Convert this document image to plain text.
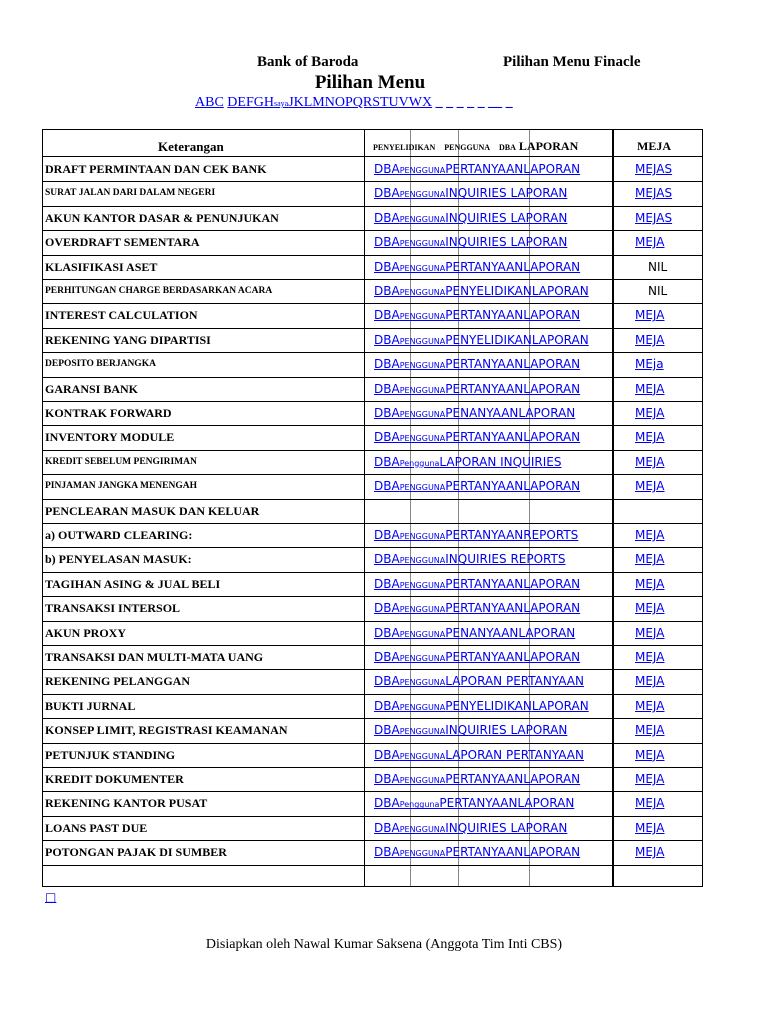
Bank of Baroda	Pilihan Menu Finacle
Pilihan Menu
ABC DEFGHsayaJKLMNOPQRSTUVWX _ _ _ _ _ __ _
Keterangan	PENYELIDIKAN PENGGUNA DBA LAPORAN	MEJA
DRAFT PERMINTAAN DAN CEK BANK	DBAPENGGUNAPERTANYAANLAPORAN	MEJAS
SURAT JALAN DARI DALAM NEGERI	DBAPENGGUNAINQUIRIES LAPORAN	MEJAS
AKUN KANTOR DASAR & PENUNJUKAN	DBAPENGGUNAINQUIRIES LAPORAN	MEJAS
OVERDRAFT SEMENTARA	DBAPENGGUNAINQUIRIES LAPORAN	MEJA
KLASIFIKASI ASET	DBAPENGGUNAPERTANYAANLAPORAN	NIL
PERHITUNGAN CHARGE BERDASARKAN ACARA	DBAPENGGUNAPENYELIDIKANLAPORAN	NIL
INTEREST CALCULATION	DBAPENGGUNAPERTANYAANLAPORAN	MEJA
REKENING YANG DIPARTISI	DBAPENGGUNAPENYELIDIKANLAPORAN	MEJA
DEPOSITO BERJANGKA	DBAPENGGUNAPERTANYAANLAPORAN	MEja
GARANSI BANK	DBAPENGGUNAPERTANYAANLAPORAN	MEJA
KONTRAK FORWARD	DBAPENGGUNAPENANYAANLAPORAN	MEJA
INVENTORY MODULE	DBAPENGGUNAPERTANYAANLAPORAN	MEJA
KREDIT SEBELUM PENGIRIMAN	DBAPenggunaLAPORAN INQUIRIES	MEJA
PINJAMAN JANGKA MENENGAH	DBAPENGGUNAPERTANYAANLAPORAN	MEJA
PENCLEARAN MASUK DAN KELUAR
a) OUTWARD CLEARING:	DBAPENGGUNAPERTANYAANREPORTS	MEJA
b) PENYELASAN MASUK:	DBAPENGGUNAINQUIRIES REPORTS	MEJA
TAGIHAN ASING & JUAL BELI	DBAPENGGUNAPERTANYAANLAPORAN	MEJA
TRANSAKSI INTERSOL	DBAPENGGUNAPERTANYAANLAPORAN	MEJA
AKUN PROXY	DBAPENGGUNAPENANYAANLAPORAN	MEJA
TRANSAKSI DAN MULTI-MATA UANG	DBAPENGGUNAPERTANYAANLAPORAN	MEJA
REKENING PELANGGAN	DBAPENGGUNALAPORAN PERTANYAAN	MEJA
BUKTI JURNAL	DBAPENGGUNAPENYELIDIKANLAPORAN	MEJA
KONSEP LIMIT, REGISTRASI KEAMANAN	DBAPENGGUNAINQUIRIES LAPORAN	MEJA
PETUNJUK STANDING	DBAPENGGUNALAPORAN PERTANYAAN	MEJA
KREDIT DOKUMENTER	DBAPENGGUNAPERTANYAANLAPORAN	MEJA
REKENING KANTOR PUSAT	DBAPenggunaPERTANYAANLAPORAN	MEJA
LOANS PAST DUE	DBAPENGGUNAINQUIRIES LAPORAN	MEJA
POTONGAN PAJAK DI SUMBER	DBAPENGGUNAPERTANYAANLAPORAN	MEJA
□
Disiapkan oleh Nawal Kumar Saksena (Anggota Tim Inti CBS)
